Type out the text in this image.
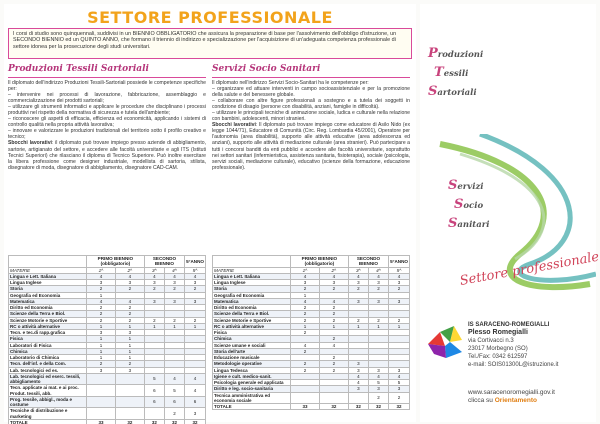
SETTORE PROFESSIONALE
I corsi di studio sono quinquennali, suddivisi in un BIENNIO OBBLIGATORIO che assicura la preparazione di base per l'assolvimento dell'obbligo d'istruzione, un SECONDO BIENNIO ed un QUINTO ANNO, che formano il triennio di indirizzo e specializzazione per l'acquisizione di un'adeguata competenza professionale di settore idonea per la prosecuzione degli studi universitari.
Produzioni Tessili Sartoriali

Il diplomato dell'indirizzo Produzioni Tessili-Sartoriali possiede le competenze specifiche per:

– intervenire nei processi di lavorazione, fabbricazione, assemblaggio e commercializzazione dei prodotti sartoriali;

– utilizzare gli strumenti informatici e applicare le procedure che disciplinano i processi produttivi nel rispetto della normativa di sicurezza e tutela dell'ambiente;

– riconoscere gli aspetti di efficacia, efficienza ed economicità, applicando i sistemi di controllo qualità nella propria attività lavorativa;

– innovare e valorizzare le produzioni tradizionali del territorio sotto il profilo creativo e tecnico;

Sbocchi lavorativi: il diplomato può trovare impiego presso aziende di abbigliamento, sartorie, artigianato del settore, e accedere alle facoltà universitarie e agli ITS (Istituti Tecnici Superiori) che rilasciano il diploma di Tecnico Superiore. Può inoltre esercitare la libera professione come designer industriale, modellista di sartoria, stilista, disegnatore di moda, disegnatore di abbigliamento, disegnatore CAD-CAM.

	PRIMO BIENNIO (obbligatorio)		SECONDO BIENNIO		5°ANNO
MATERIE	1^	2^	3^	4^	5^
Lingua e Lett. Italiana	4	4	4	4	4
Lingua Inglese	3	3	3	3	3
Storia	2	2	2	2	2
Geografia ed Economia	1				
Matematica	4	4	3	3	3
Diritto ed Economia	2	2			
Scienze della Terra e Biol.	2	2			
Scienze Motorie e Sportive	2	2	2	2	2
RC o attività alternative	1	1	1	1	1
Tecn. e tec.di rapp.grafica	3	3			
Fisica	1	1			
Laboratori di Fisica	1	1			
Chimica	1	1			
Laboratorio di Chimica	1	1			
Tecn. dell'inf. e della Com.	2	2			
Lab. tecnologici ed es.	3	3			
Lab. tecnologici ed eserc. tessili, abbigliamento			5	4	4
Tecn. applicate ai mat. e ai proc. Produt. tessili, abb.			6	5	4
Prog. tessile, abbigl., moda e costume			6	6	6
Tecniche di distribuzione e marketing				2	3
TOTALE	33	32	32	32	32
Servizi Socio Sanitari

Il diplomato nell'indirizzo Servizi Socio-Sanitari ha le competenze per:

– organizzare ed attuare interventi in campo socioassistenziale e per la promozione della salute e del benessere globale.

– collaborare con altre figure professionali a sostegno e a tutela dei soggetti in condizione di disagio (persone con disabilità, anziani, famiglie in difficoltà).

– utilizzare le principali tecniche di animazione sociale, ludica e culturale nella relazione con bambini, adolescenti, minori stranieri.

Sbocchi lavorativi: Il diplomato può trovare impiego come educatore di Asilo Nido (ex legge 1044/71), Educatore di Comunità (Circ. Reg. Lombardia 45/2001), Operatore per l'autonomia (area disabilità), supporto alle attività educative (area adolescenza ed anziani), supporto alle attività di mediazione culturale (area stranieri). Può partecipare a tutti i concorsi banditi da enti pubblici e accedere alle facoltà universitarie, soprattutto nei settori sanitari (infermieristica, assistenza sanitaria, fisioterapia), sociale (psicologia, servizi sociali, mediazione culturale), educativo (scienze della formazione, educazione professionale).

	PRIMO BIENNIO (obbligatorio)		SECONDO BIENNIO		5°ANNO
MATERIE	1^	2^	3^	4^	5^
Lingua e Lett. Italiana	4	4	4	4	4
Lingua Inglese	3	3	3	3	3
Storia	2	2	2	2	2
Geografia ed Economia	1				
Matematica	4	4	3	3	3
Diritto ed Economia	2	2			
Scienze della Terra e Biol.	2	2			
Scienze Motorie e Sportive	2	2	2	2	2
RC o attività alternative	1	1	1	1	1
Fisica	2				
Chimica		2			
Scienze umane e sociali	4	4			
Storia dell'arte	2				
Educazione musicale		2			
Metodologie operative	2	2	3		
Lingua Tedesca	2	2	3	3	3
Igiene e cult. medico-sanit.			4	4	4
Psicologia generale ed applicata			4	5	5
Diritto e leg. socio-sanitaria			3	3	3
Tecnica amministrativa ed economia sociale				2	2
TOTALE	33	32	32	32	32
Produzioni
Tessili
Sartoriali
Servizi
Socio
Sanitari
Settore professionale
IS SARACENO-ROMEGIALLI
Plesso Romegialli
via Cortivacci n.3
23017 Morbegno (SO)
Tel./Fax: 0342 612597
e-mail: SOIS01300L@istruzione.it
www.saracenoromegialli.gov.it
clicca su Orientamento
